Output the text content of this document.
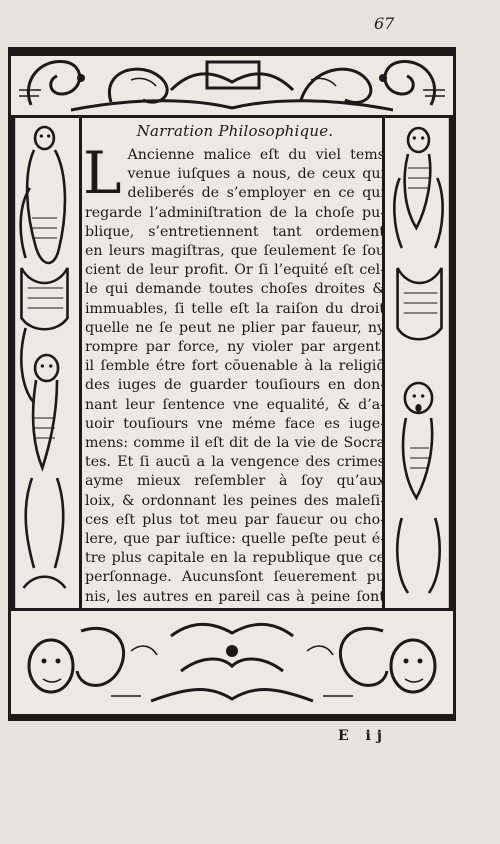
67
Narration Philosophique.
L Ancienne malice eſt du viel tems
venue iuſques a nous, de ceux qui
deliberés de s’employer en ce qui
regarde l’adminiſtration de la choſe pu-
blique, s’entretiennent tant ordement
en leurs magiſtras, que ſeulement ſe ſou
cient de leur profit. Or ſi l’equité eſt cel-
le qui demande toutes choſes droites &
immuables, ſi telle eſt la raiſon du droit
quelle ne ſe peut ne plier par faueur, ny
rompre par force, ny violer par argent:
il ſemble étre fort cōuenable à la religiō
des iuges de guarder touſiours en don-
nant leur ſentence vne equalité, & d’a-
uoir touſiours vne méme face es iuge-
mens: comme il eſt dit de la vie de Socra
tes. Et ſi aucū a la vengence des crimes
ayme mieux reſembler à ſoy qu’aux
loix, & ordonnant les peines des maleſi-
ces eſt plus tot meu par fauєur ou cho-
lere, que par iuſtice: quelle peſte peut é-
tre plus capitale en la republique que ce
perſonnage. Aucunsſont ſeuerement pu
nis, les autres en pareil cas à peine ſont
E ij
